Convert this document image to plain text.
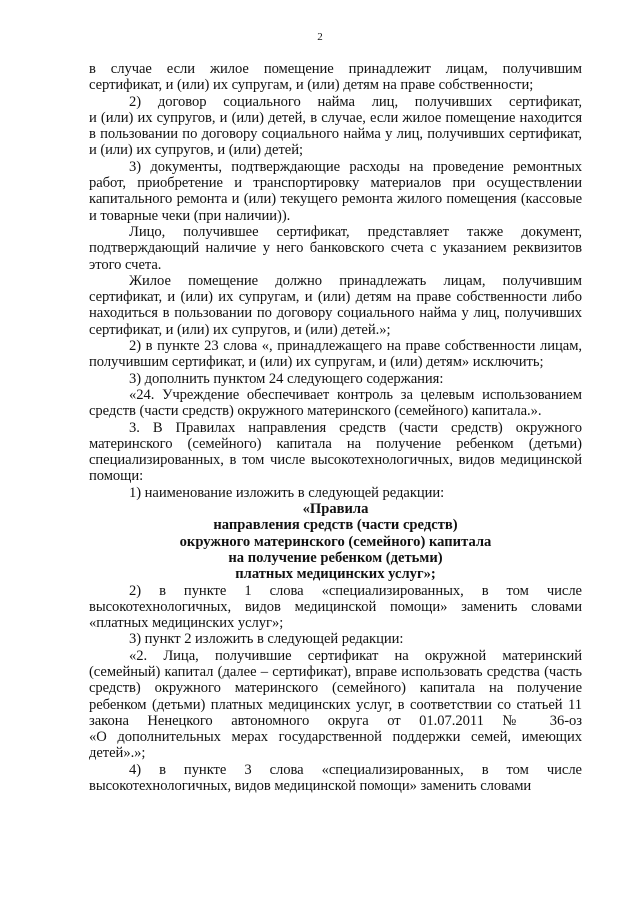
2
в случае если жилое помещение принадлежит лицам, получившим
сертификат, и (или) их супругам, и (или) детям на праве собственности;
2) договор социального найма лиц, получивших сертификат,
и (или) их супругов, и (или) детей, в случае, если жилое помещение находится
в пользовании по договору социального найма у лиц, получивших сертификат,
и (или) их супругов, и (или) детей;
3) документы, подтверждающие расходы на проведение ремонтных
работ, приобретение и транспортировку материалов при осуществлении
капитального ремонта и (или) текущего ремонта жилого помещения (кассовые
и товарные чеки (при наличии)).
Лицо, получившее сертификат, представляет также документ,
подтверждающий наличие у него банковского счета с указанием реквизитов
этого счета.
Жилое помещение должно принадлежать лицам, получившим
сертификат, и (или) их супругам, и (или) детям на праве собственности либо
находиться в пользовании по договору социального найма у лиц, получивших
сертификат, и (или) их супругов, и (или) детей.»;
2) в пункте 23 слова «, принадлежащего на праве собственности лицам,
получившим сертификат, и (или) их супругам, и (или) детям» исключить;
3) дополнить пунктом 24 следующего содержания:
«24. Учреждение обеспечивает контроль за целевым использованием
средств (части средств) окружного материнского (семейного) капитала.».
3. В Правилах направления средств (части средств) окружного
материнского (семейного) капитала на получение ребенком (детьми)
специализированных, в том числе высокотехнологичных, видов медицинской
помощи:
1) наименование изложить в следующей редакции:
«Правила
направления средств (части средств)
окружного материнского (семейного) капитала
на получение ребенком (детьми)
платных медицинских услуг»;
2) в пункте 1 слова «специализированных, в том числе
высокотехнологичных, видов медицинской помощи» заменить словами
«платных медицинских услуг»;
3) пункт 2 изложить в следующей редакции:
«2. Лица, получившие сертификат на окружной материнский
(семейный) капитал (далее – сертификат), вправе использовать средства (часть
средств) окружного материнского (семейного) капитала на получение
ребенком (детьми) платных медицинских услуг, в соответствии со статьей 11
закона Ненецкого автономного округа от 01.07.2011 № 36-оз
«О дополнительных мерах государственной поддержки семей, имеющих
детей».»;
4) в пункте 3 слова «специализированных, в том числе
высокотехнологичных, видов медицинской помощи» заменить словами
